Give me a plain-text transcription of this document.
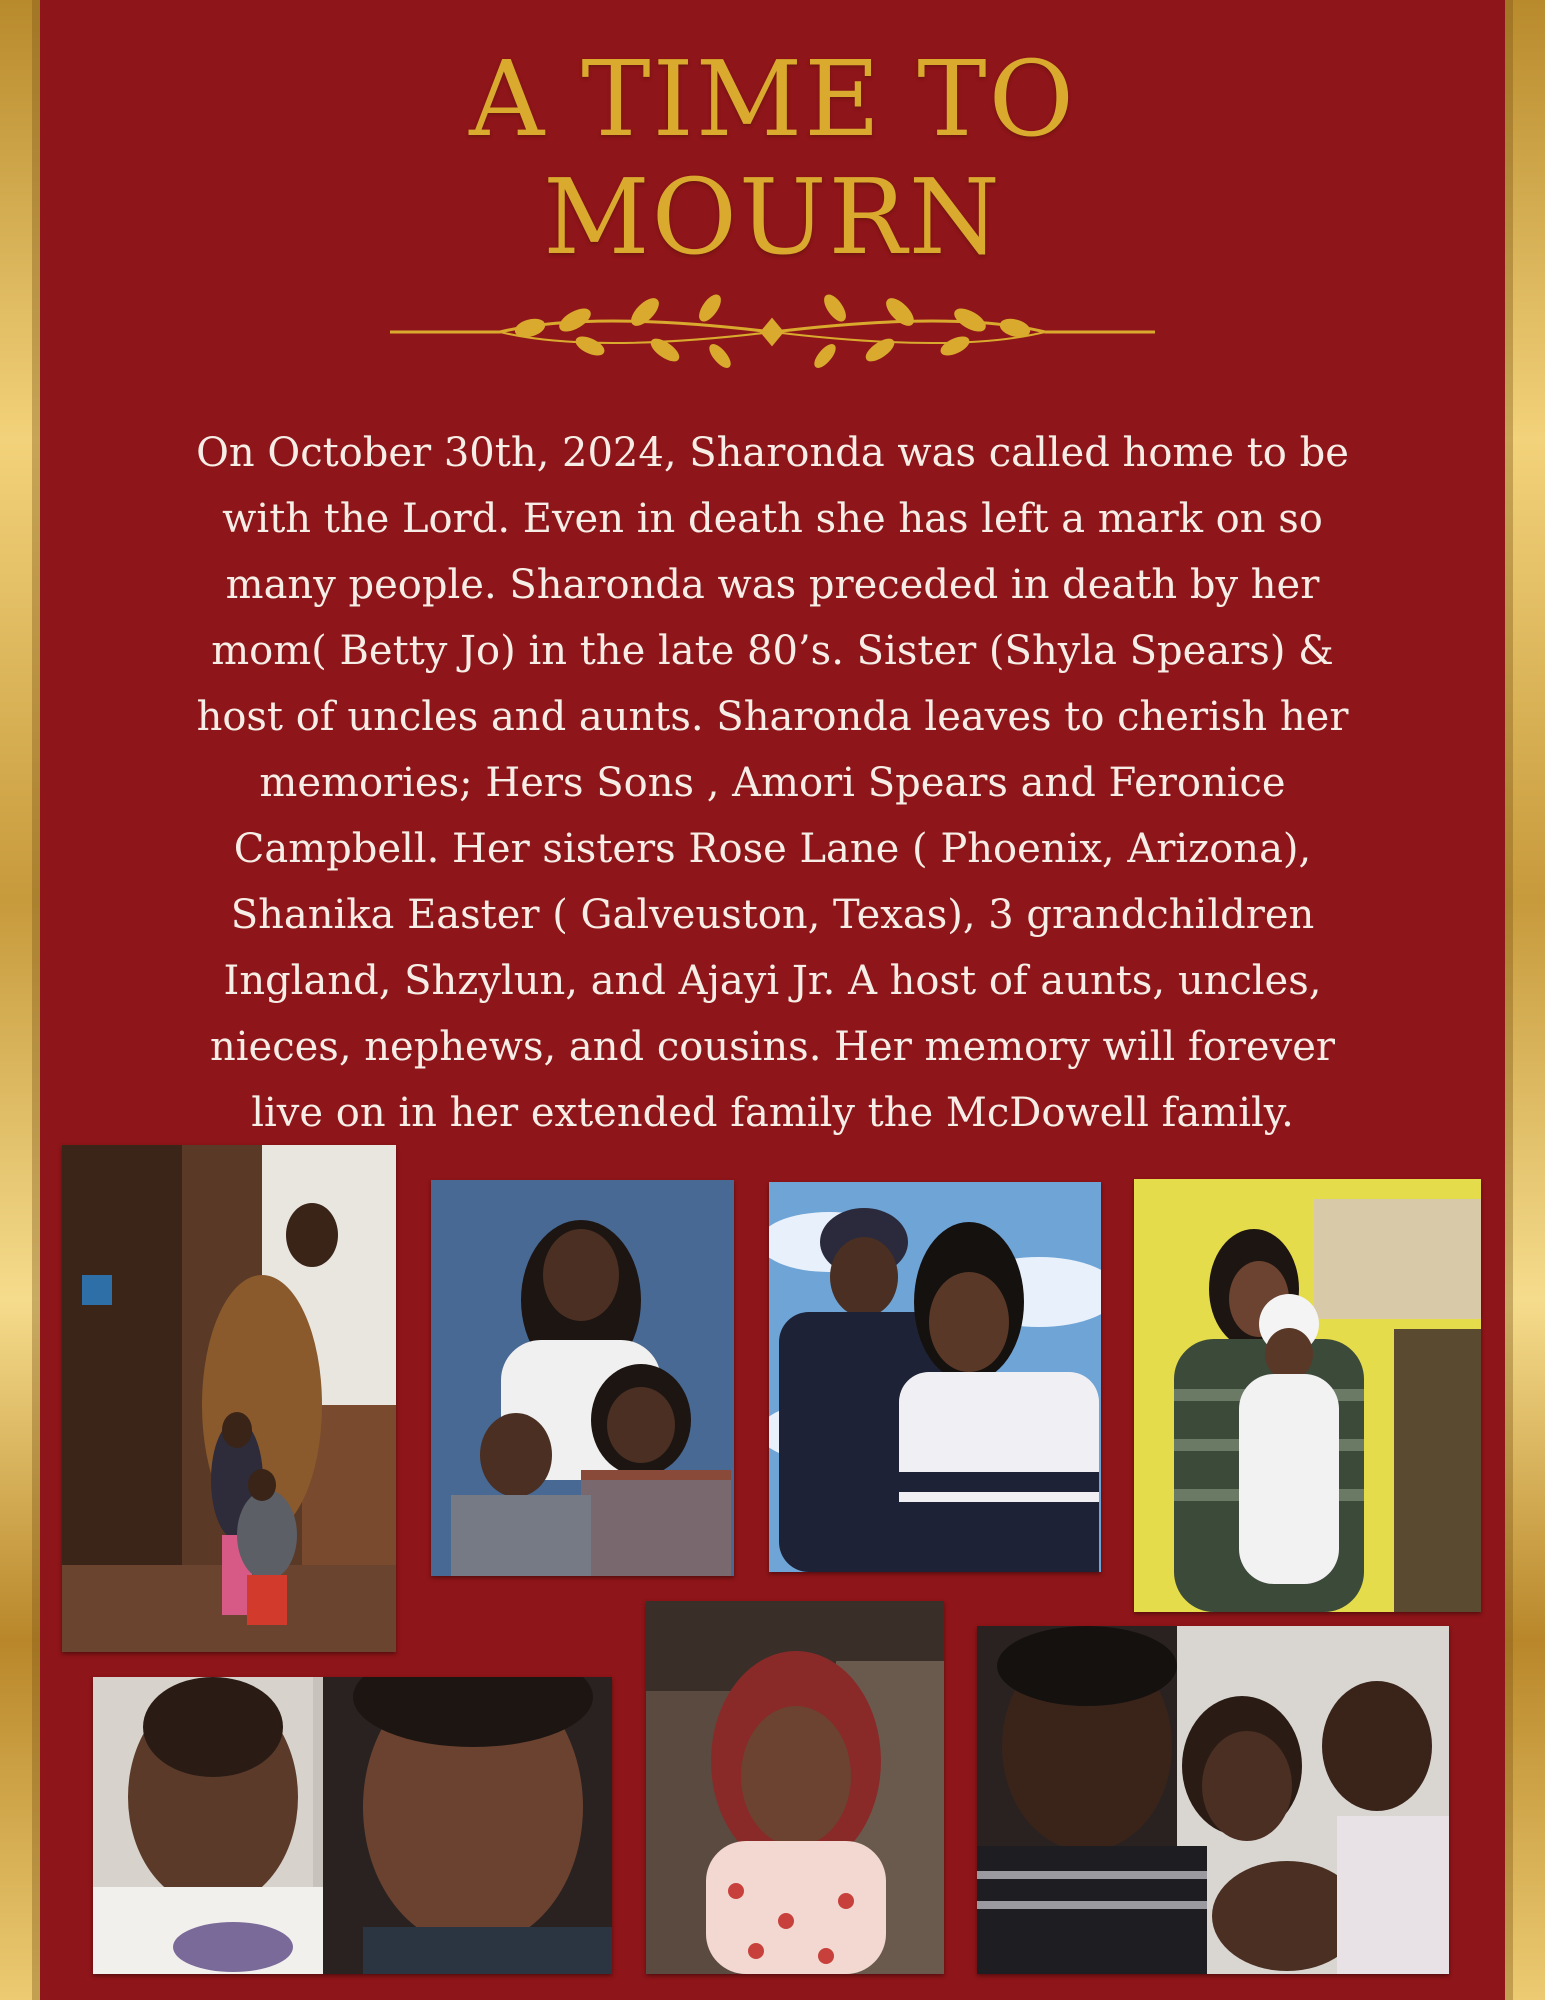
A TIME TO
MOURN
On October 30th, 2024, Sharonda was called home to be
with the Lord. Even in death she has left a mark on so
many people. Sharonda was preceded in death by her
mom( Betty Jo) in the late 80’s. Sister (Shyla Spears) &
host of uncles and aunts. Sharonda leaves to cherish her
memories; Hers Sons , Amori Spears and Feronice
Campbell. Her sisters Rose Lane ( Phoenix, Arizona),
Shanika Easter ( Galveuston, Texas), 3 grandchildren
Ingland, Shzylun, and Ajayi Jr. A host of aunts, uncles,
nieces, nephews, and cousins. Her memory will forever
live on in her extended family the McDowell family.
